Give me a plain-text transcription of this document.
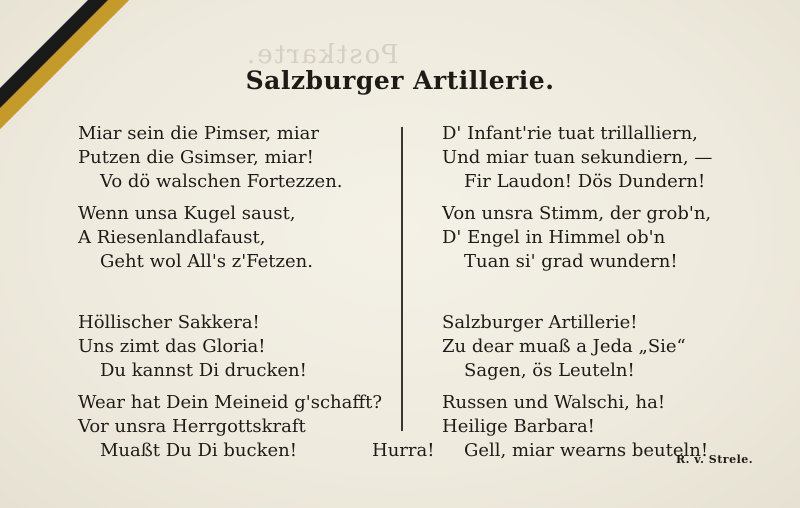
Postkarte.
Salzburger Artillerie.
Miar sein die Pimser, miar
Putzen die Gsimser, miar!
Vo dö walschen Fortezzen.
Wenn unsa Kugel saust,
A Riesenlandlafaust,
Geht wol All's z'Fetzen.
Höllischer Sakkera!
Uns zimt das Gloria!
Du kannst Di drucken!
Wear hat Dein Meineid g'schafft?
Vor unsra Herrgottskraft
Muaßt Du Di bucken!
D' Infant'rie tuat trillalliern,
Und miar tuan sekundiern, —
Fir Laudon! Dös Dundern!
Von unsra Stimm, der grob'n,
D' Engel in Himmel ob'n
Tuan si' grad wundern!
Salzburger Artillerie!
Zu dear muaß a Jeda „Sie“
Sagen, ös Leuteln!
Russen und Walschi, ha!
Heilige Barbara!
Gell, miar wearns beuteln!
Hurra!	R. v. Strele.
